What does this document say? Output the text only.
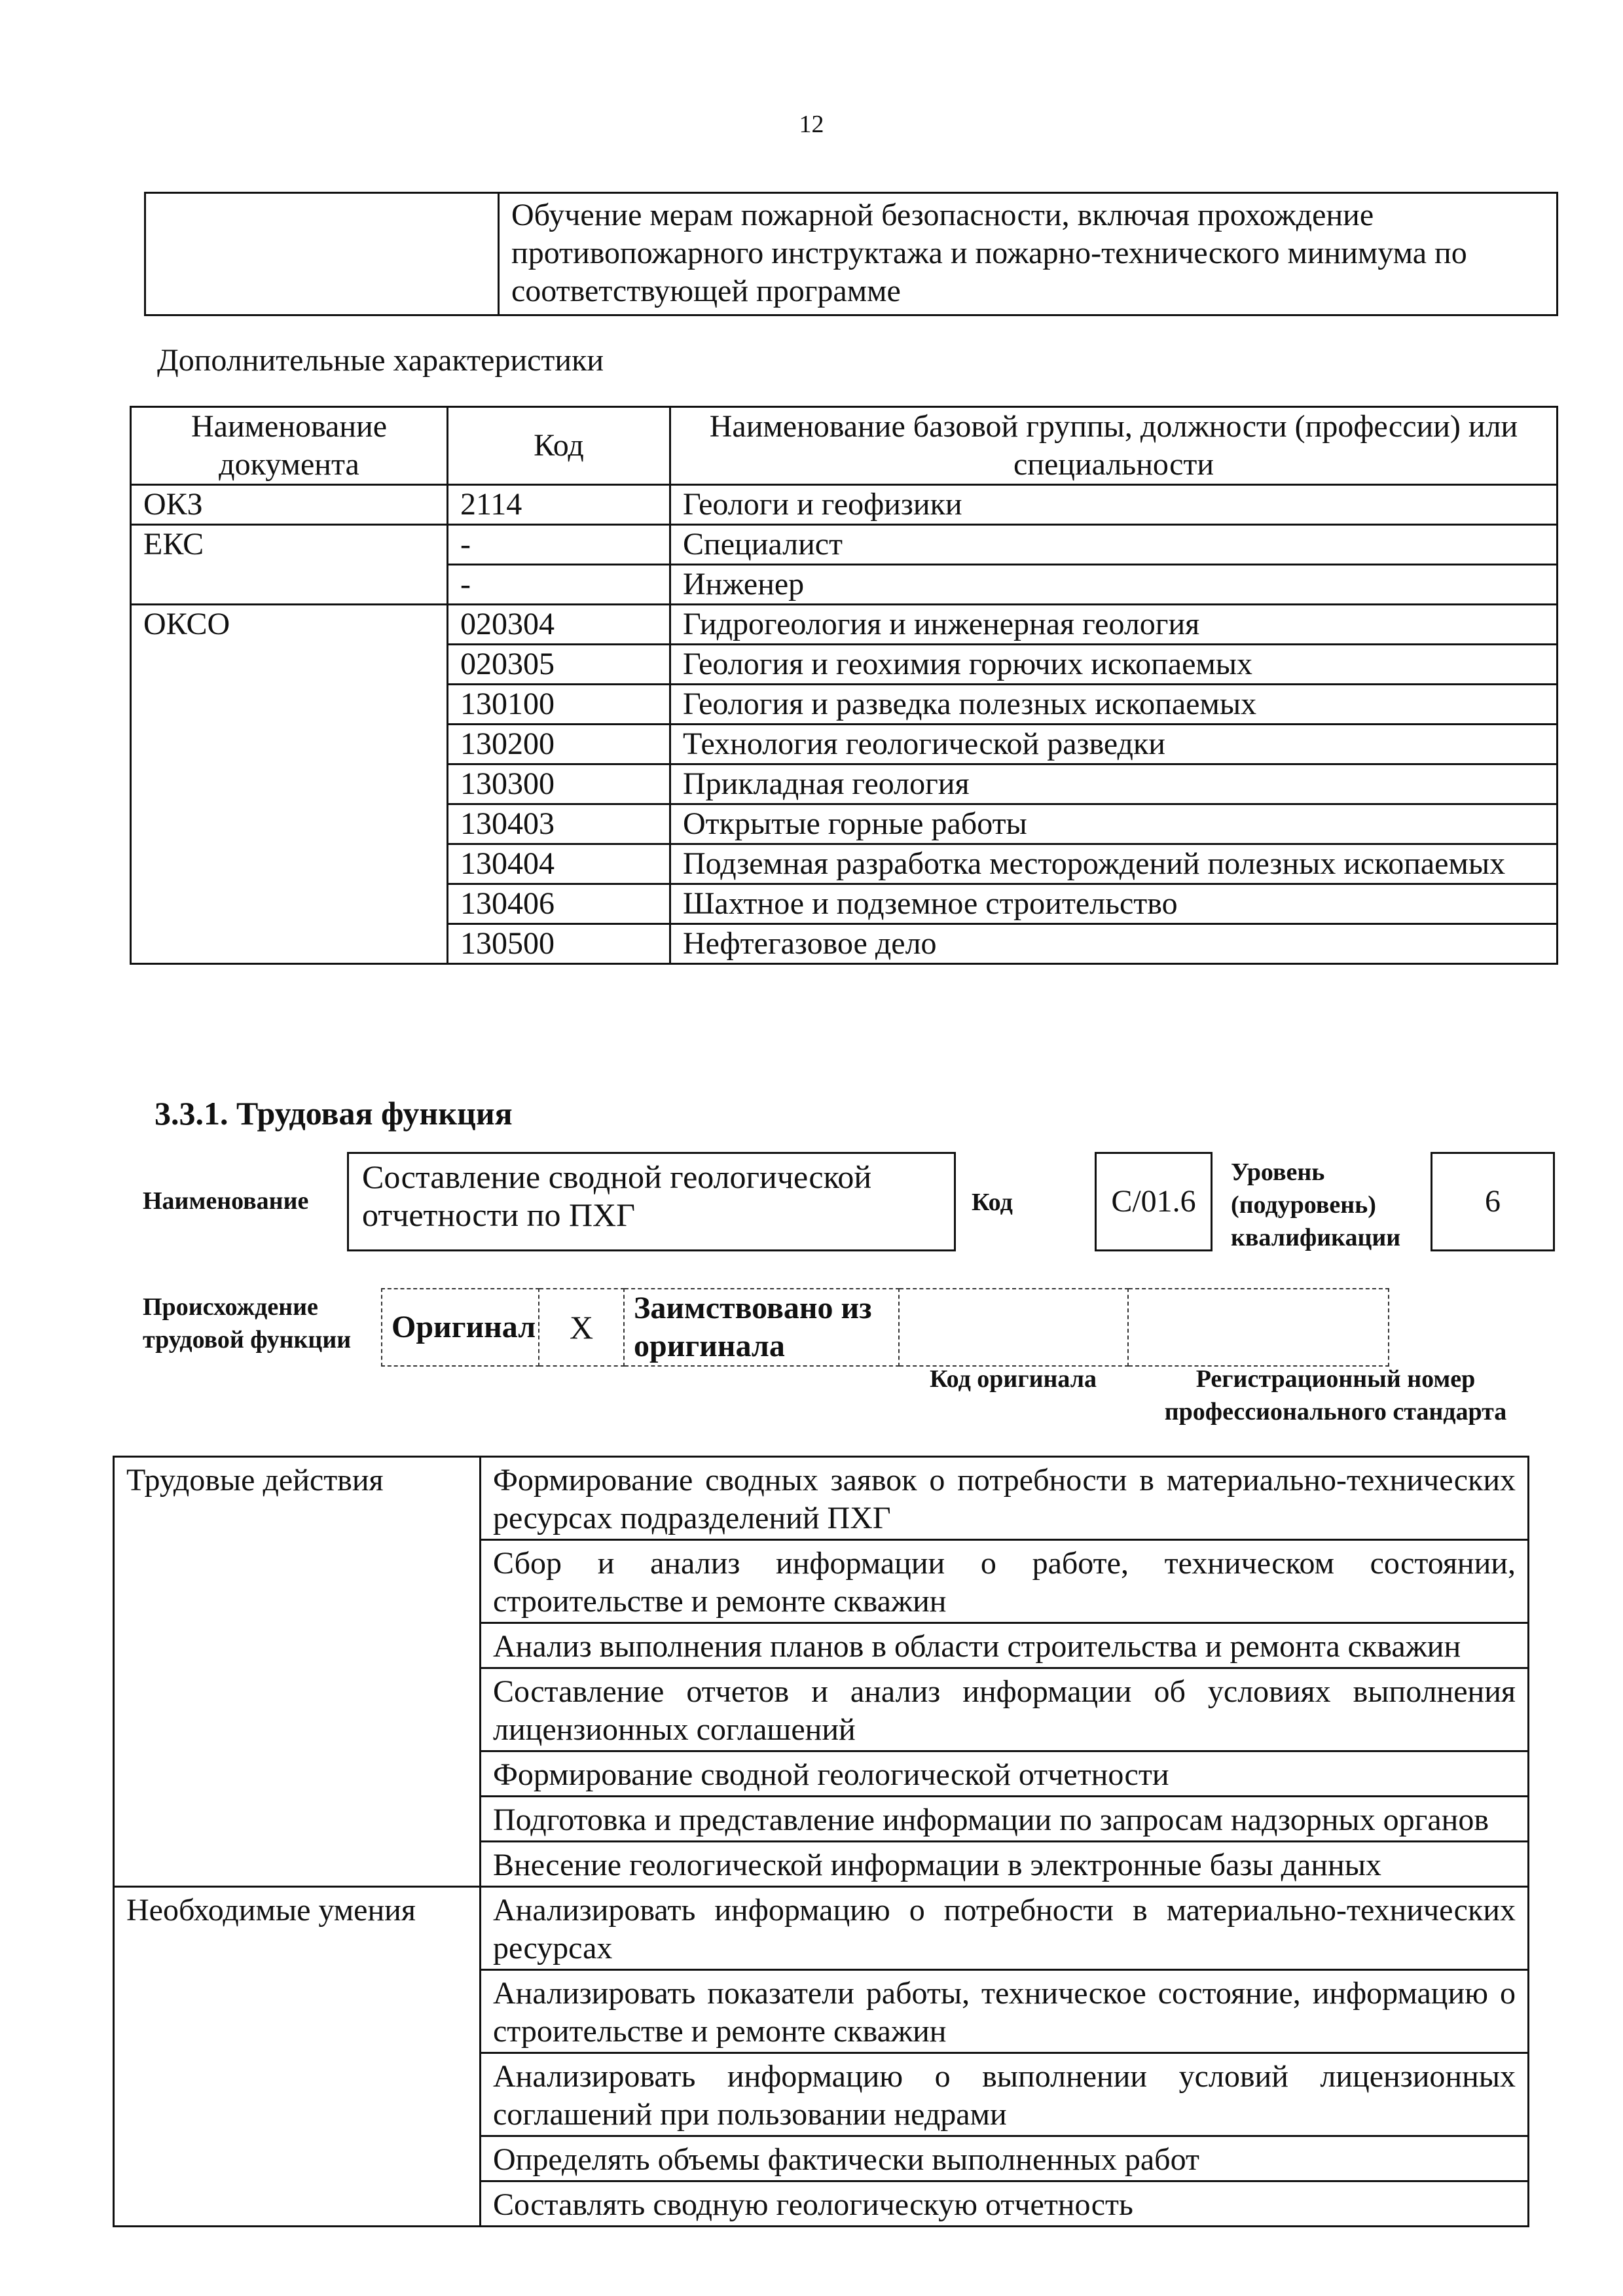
12
	Обучение мерам пожарной безопасности, включая прохождение противопожарного инструктажа и пожарно-технического минимума по соответствующей программе
Дополнительные характеристики
Наименование документа	Код	Наименование базовой группы, должности (профессии) или специальности
ОКЗ	2114	Геологи и геофизики
ЕКС	-	Специалист
	-	Инженер
ОКСО	020304	Гидрогеология и инженерная геология
	020305	Геология и геохимия горючих ископаемых
	130100	Геология и разведка полезных ископаемых
	130200	Технология геологической разведки
	130300	Прикладная геология
	130403	Открытые горные работы
	130404	Подземная разработка месторождений полезных ископаемых
	130406	Шахтное и подземное строительство
	130500	Нефтегазовое дело
3.3.1. Трудовая функция
Наименование
Составление сводной геологической отчетности по ПХГ	Код	C/01.6
Уровень (подуровень) квалификации
6
Происхождение трудовой функции	Оригинал	X	Заимствовано из оригинала		
Код оригинала	Регистрационный номер профессионального стандарта
Трудовые действия	Формирование сводных заявок о потребности в материально-технических ресурсах подразделений ПХГ
	Сбор и анализ информации о работе, техническом состоянии, строительстве и ремонте скважин
	Анализ выполнения планов в области строительства и ремонта скважин
	Составление отчетов и анализ информации об условиях выполнения лицензионных соглашений
	Формирование сводной геологической отчетности
	Подготовка и представление информации по запросам надзорных органов
	Внесение геологической информации в электронные базы данных
Необходимые умения	Анализировать информацию о потребности в материально-технических ресурсах
	Анализировать показатели работы, техническое состояние, информацию о строительстве и ремонте скважин
	Анализировать информацию о выполнении условий лицензионных соглашений при пользовании недрами
	Определять объемы фактически выполненных работ
	Составлять сводную геологическую отчетность
